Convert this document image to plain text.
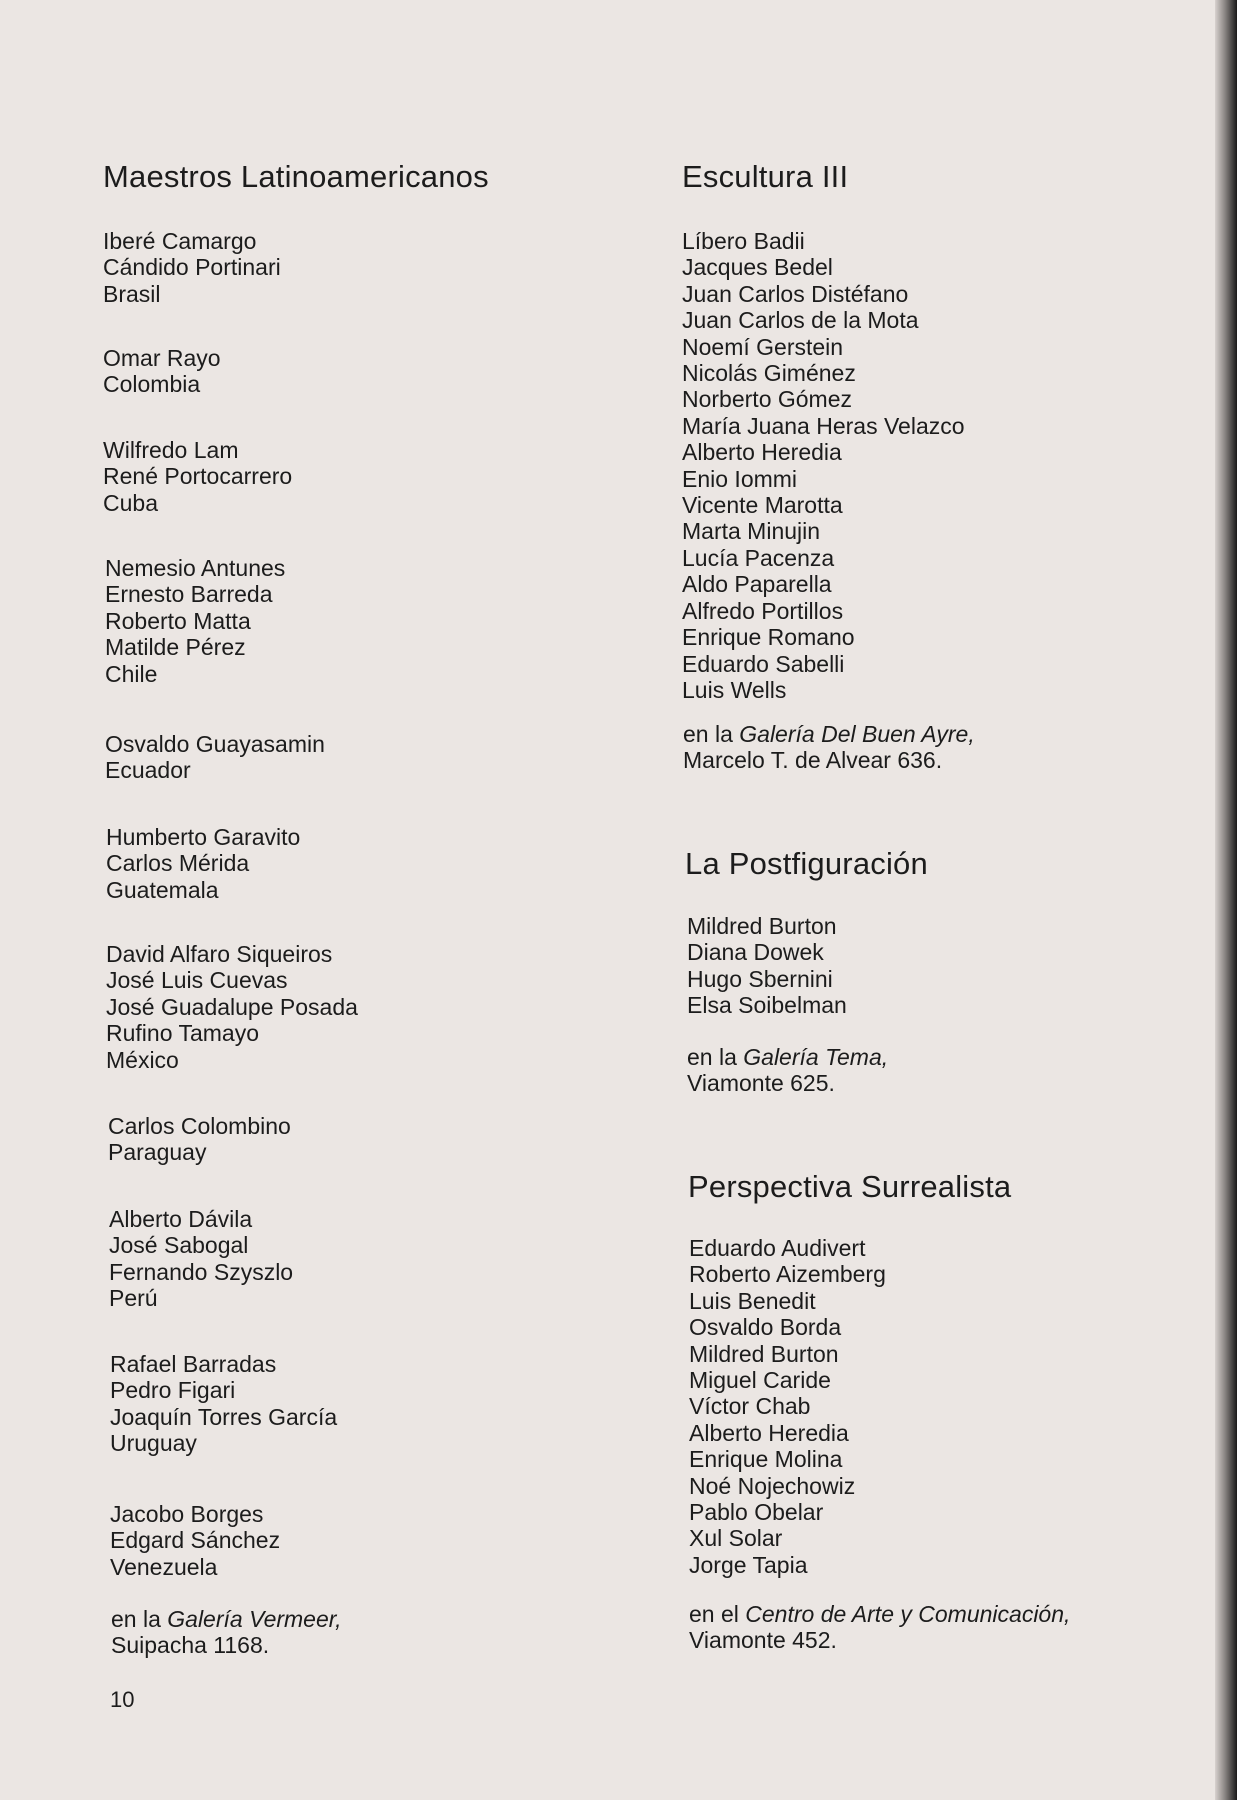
Maestros Latinoamericanos
Iberé Camargo
Cándido Portinari
Brasil
Omar Rayo
Colombia
Wilfredo Lam
René Portocarrero
Cuba
Nemesio Antunes
Ernesto Barreda
Roberto Matta
Matilde Pérez
Chile
Osvaldo Guayasamin
Ecuador
Humberto Garavito
Carlos Mérida
Guatemala
David Alfaro Siqueiros
José Luis Cuevas
José Guadalupe Posada
Rufino Tamayo
México
Carlos Colombino
Paraguay
Alberto Dávila
José Sabogal
Fernando Szyszlo
Perú
Rafael Barradas
Pedro Figari
Joaquín Torres García
Uruguay
Jacobo Borges
Edgard Sánchez
Venezuela
en la Galería Vermeer,
Suipacha 1168.
Escultura III
Líbero Badii
Jacques Bedel
Juan Carlos Distéfano
Juan Carlos de la Mota
Noemí Gerstein
Nicolás Giménez
Norberto Gómez
María Juana Heras Velazco
Alberto Heredia
Enio Iommi
Vicente Marotta
Marta Minujin
Lucía Pacenza
Aldo Paparella
Alfredo Portillos
Enrique Romano
Eduardo Sabelli
Luis Wells
en la Galería Del Buen Ayre,
Marcelo T. de Alvear 636.
La Postfiguración
Mildred Burton
Diana Dowek
Hugo Sbernini
Elsa Soibelman
en la Galería Tema,
Viamonte 625.
Perspectiva Surrealista
Eduardo Audivert
Roberto Aizemberg
Luis Benedit
Osvaldo Borda
Mildred Burton
Miguel Caride
Víctor Chab
Alberto Heredia
Enrique Molina
Noé Nojechowiz
Pablo Obelar
Xul Solar
Jorge Tapia
en el Centro de Arte y Comunicación,
Viamonte 452.
10
